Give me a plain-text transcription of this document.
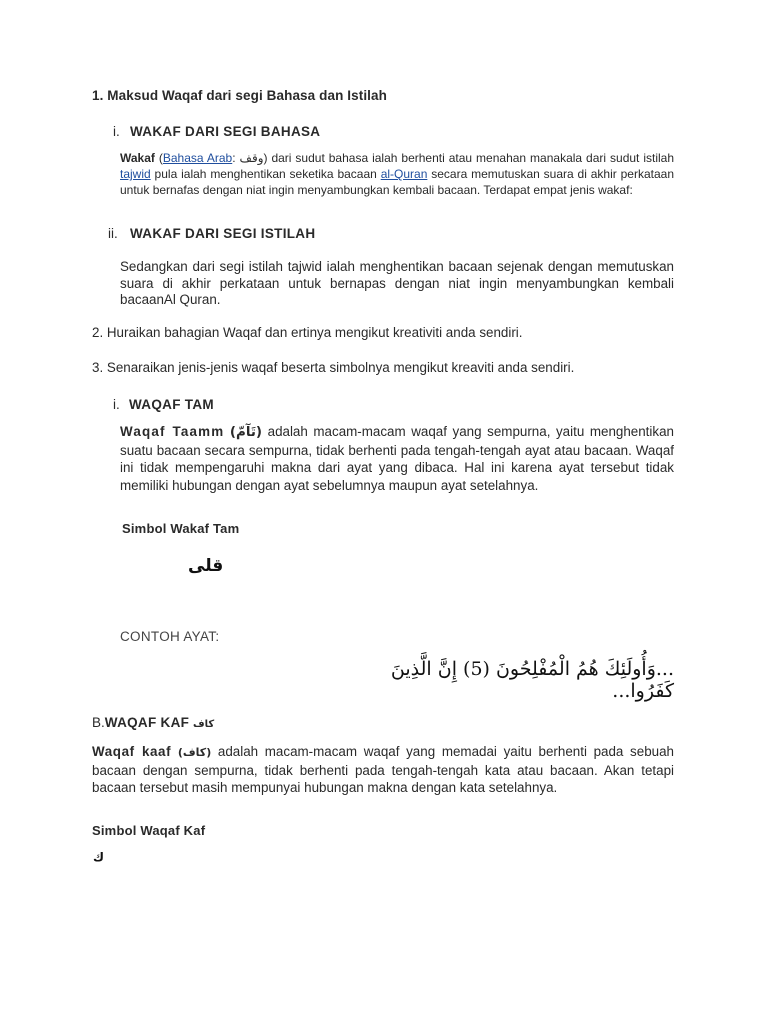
1. Maksud Waqaf dari segi Bahasa dan Istilah
i. WAKAF DARI SEGI BAHASA
Wakaf (Bahasa Arab: وقف) dari sudut bahasa ialah berhenti atau menahan manakala dari sudut istilah tajwid pula ialah menghentikan seketika bacaan al-Quran secara memutuskan suara di akhir perkataan untuk bernafas dengan niat ingin menyambungkan kembali bacaan. Terdapat empat jenis wakaf:
ii. WAKAF DARI SEGI ISTILAH
Sedangkan dari segi istilah tajwid ialah menghentikan bacaan sejenak dengan memutuskan suara di akhir perkataan untuk bernapas dengan niat ingin menyambungkan kembali bacaanAl Quran.
2. Huraikan bahagian Waqaf dan ertinya mengikut kreativiti anda sendiri.
3. Senaraikan jenis-jenis waqaf beserta simbolnya mengikut kreaviti anda sendiri.
i. WAQAF TAM
Waqaf Taamm (تَآمّ) adalah macam-macam waqaf yang sempurna, yaitu menghentikan suatu bacaan secara sempurna, tidak berhenti pada tengah-tengah ayat atau bacaan. Waqaf ini tidak mempengaruhi makna dari ayat yang dibaca. Hal ini karena ayat tersebut tidak memiliki hubungan dengan ayat sebelumnya maupun ayat setelahnya.
Simbol Wakaf Tam
قلى
CONTOH AYAT:
...وَأُولَئِكَ هُمُ الْمُفْلِحُونَ (5) إِنَّ الَّذِينَ كَفَرُوا...
B.WAQAF KAF كاف
Waqaf kaaf (كاف) adalah macam-macam waqaf yang memadai yaitu berhenti pada sebuah bacaan dengan sempurna, tidak berhenti pada tengah-tengah kata atau bacaan. Akan tetapi bacaan tersebut masih mempunyai hubungan makna dengan kata setelahnya.
Simbol Waqaf Kaf
ك
